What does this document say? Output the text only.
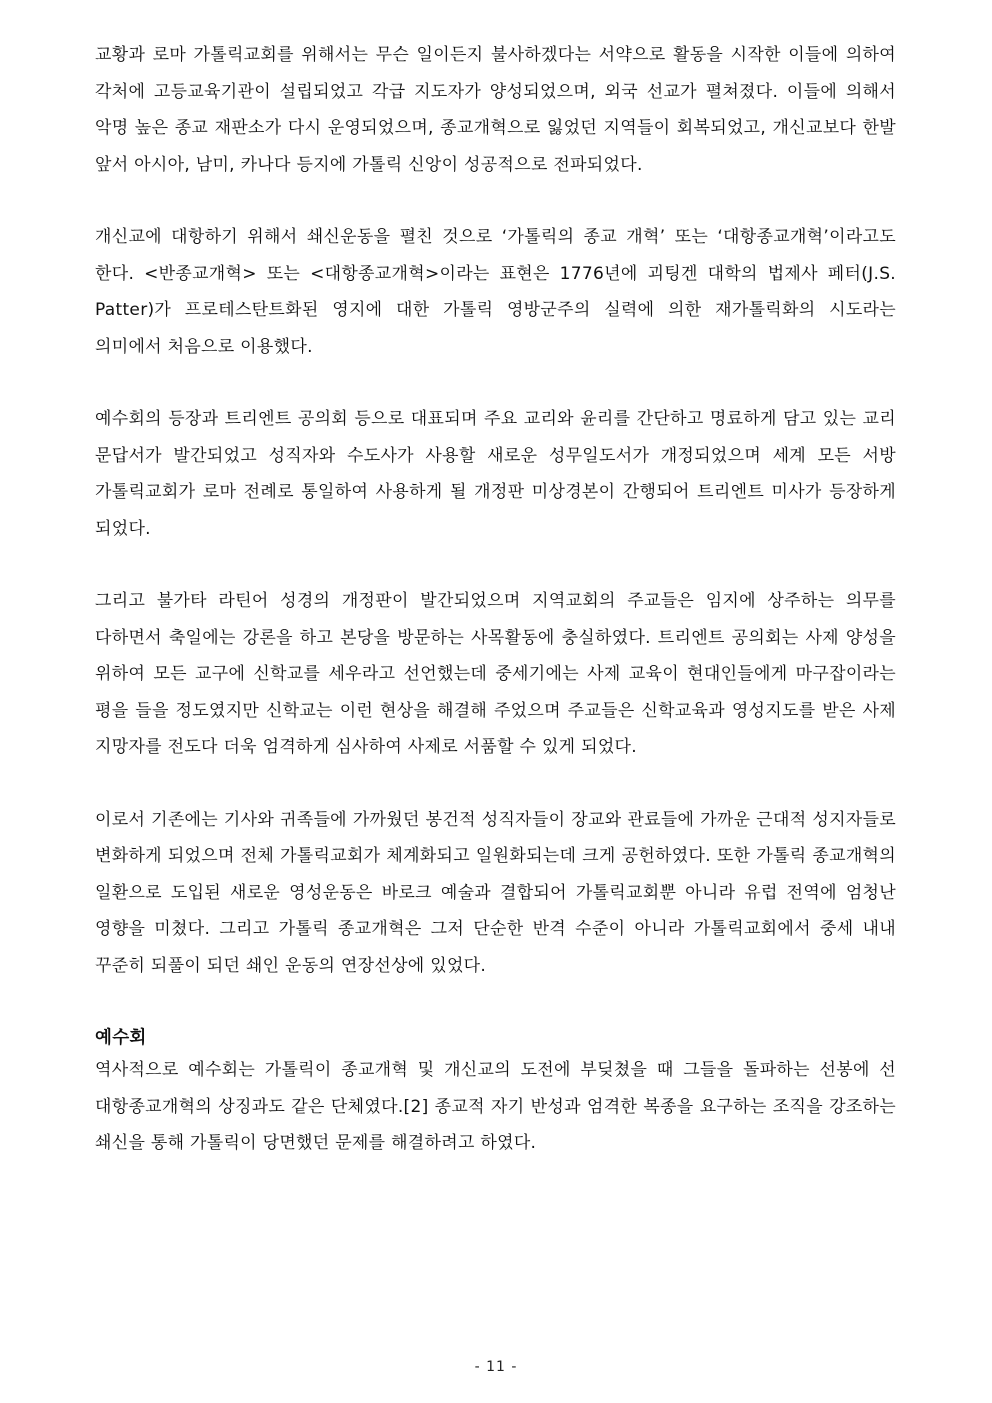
교황과 로마 가톨릭교회를 위해서는 무슨 일이든지 불사하겠다는 서약으로 활동을 시작한 이들에 의하여 각처에 고등교육기관이 설립되었고 각급 지도자가 양성되었으며, 외국 선교가 펼쳐졌다. 이들에 의해서 악명 높은 종교 재판소가 다시 운영되었으며, 종교개혁으로 잃었던 지역들이 회복되었고, 개신교보다 한발 앞서 아시아, 남미, 카나다 등지에 가톨릭 신앙이 성공적으로 전파되었다.

개신교에 대항하기 위해서 쇄신운동을 펼친 것으로 ‘가톨릭의 종교 개혁’ 또는 ‘대항종교개혁’이라고도 한다. <반종교개혁> 또는 <대항종교개혁>이라는 표현은 1776년에 괴팅겐 대학의 법제사 페터(J.S. Patter)가 프로테스탄트화된 영지에 대한 가톨릭 영방군주의 실력에 의한 재가톨릭화의 시도라는 의미에서 처음으로 이용했다.

예수회의 등장과 트리엔트 공의회 등으로 대표되며 주요 교리와 윤리를 간단하고 명료하게 담고 있는 교리 문답서가 발간되었고 성직자와 수도사가 사용할 새로운 성무일도서가 개정되었으며 세계 모든 서방 가톨릭교회가 로마 전례로 통일하여 사용하게 될 개정판 미상경본이 간행되어 트리엔트 미사가 등장하게 되었다.

그리고 불가타 라틴어 성경의 개정판이 발간되었으며 지역교회의 주교들은 임지에 상주하는 의무를 다하면서 축일에는 강론을 하고 본당을 방문하는 사목활동에 충실하였다. 트리엔트 공의회는 사제 양성을 위하여 모든 교구에 신학교를 세우라고 선언했는데 중세기에는 사제 교육이 현대인들에게 마구잡이라는 평을 들을 정도였지만 신학교는 이런 현상을 해결해 주었으며 주교들은 신학교육과 영성지도를 받은 사제 지망자를 전도다 더욱 엄격하게 심사하여 사제로 서품할 수 있게 되었다.

이로서 기존에는 기사와 귀족들에 가까웠던 봉건적 성직자들이 장교와 관료들에 가까운 근대적 성지자들로 변화하게 되었으며 전체 가톨릭교회가 체계화되고 일원화되는데 크게 공헌하였다. 또한 가톨릭 종교개혁의 일환으로 도입된 새로운 영성운동은 바로크 예술과 결합되어 가톨릭교회뿐 아니라 유럽 전역에 엄청난 영향을 미쳤다. 그리고 가톨릭 종교개혁은 그저 단순한 반격 수준이 아니라 가톨릭교회에서 중세 내내 꾸준히 되풀이 되던 쇄인 운동의 연장선상에 있었다.

예수회

역사적으로 예수회는 가톨릭이 종교개혁 및 개신교의 도전에 부딪쳤을 때 그들을 돌파하는 선봉에 선 대항종교개혁의 상징과도 같은 단체였다.[2] 종교적 자기 반성과 엄격한 복종을 요구하는 조직을 강조하는 쇄신을 통해 가톨릭이 당면했던 문제를 해결하려고 하였다.

- 11 -
